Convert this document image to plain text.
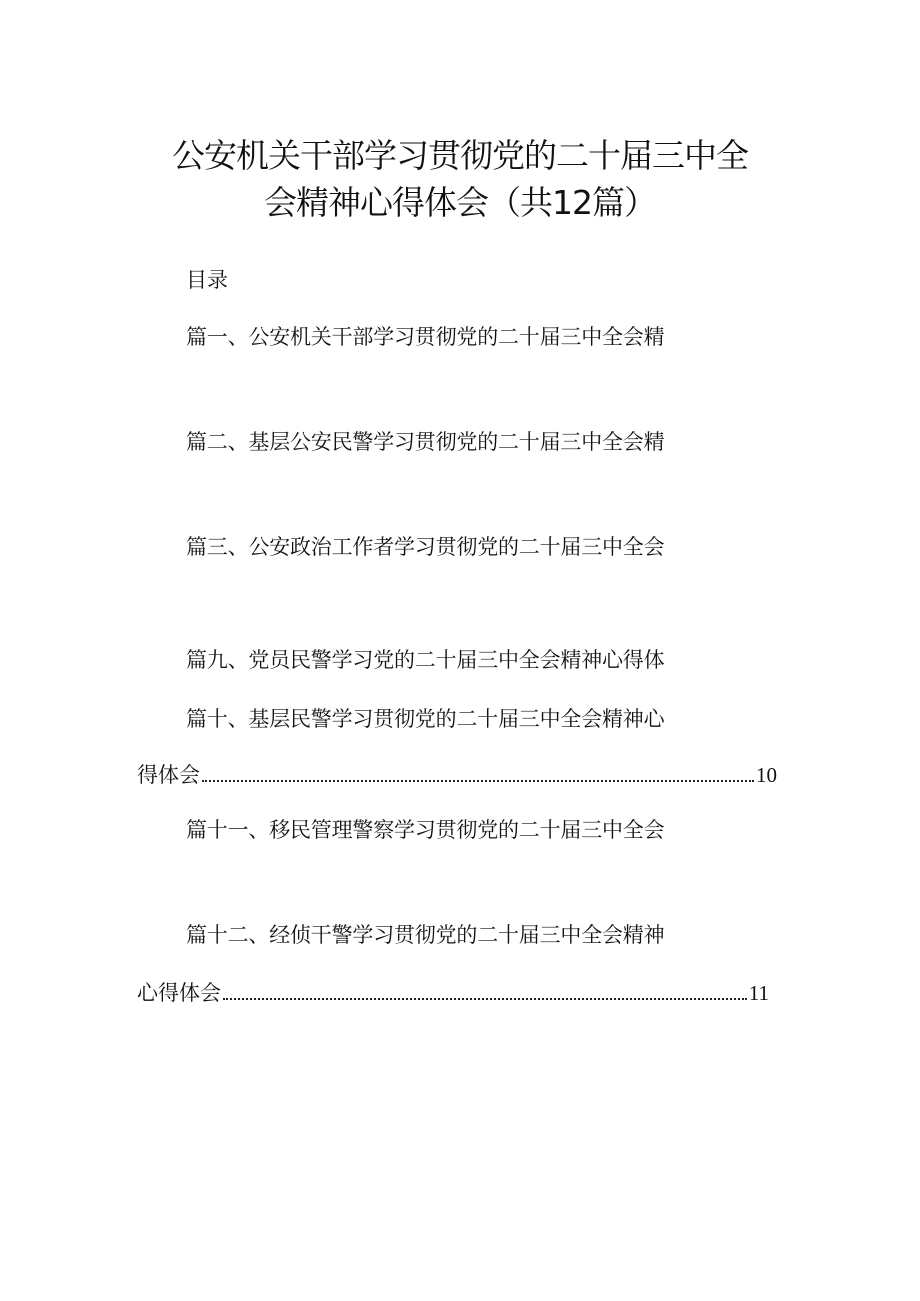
公安机关干部学习贯彻党的二十届三中全
会精神心得体会（共12篇）
目录
篇一、公安机关干部学习贯彻党的二十届三中全会精
篇二、基层公安民警学习贯彻党的二十届三中全会精
篇三、公安政治工作者学习贯彻党的二十届三中全会
篇九、党员民警学习党的二十届三中全会精神心得体
篇十、基层民警学习贯彻党的二十届三中全会精神心
得体会	10
篇十一、移民管理警察学习贯彻党的二十届三中全会
篇十二、经侦干警学习贯彻党的二十届三中全会精神
心得体会	11
